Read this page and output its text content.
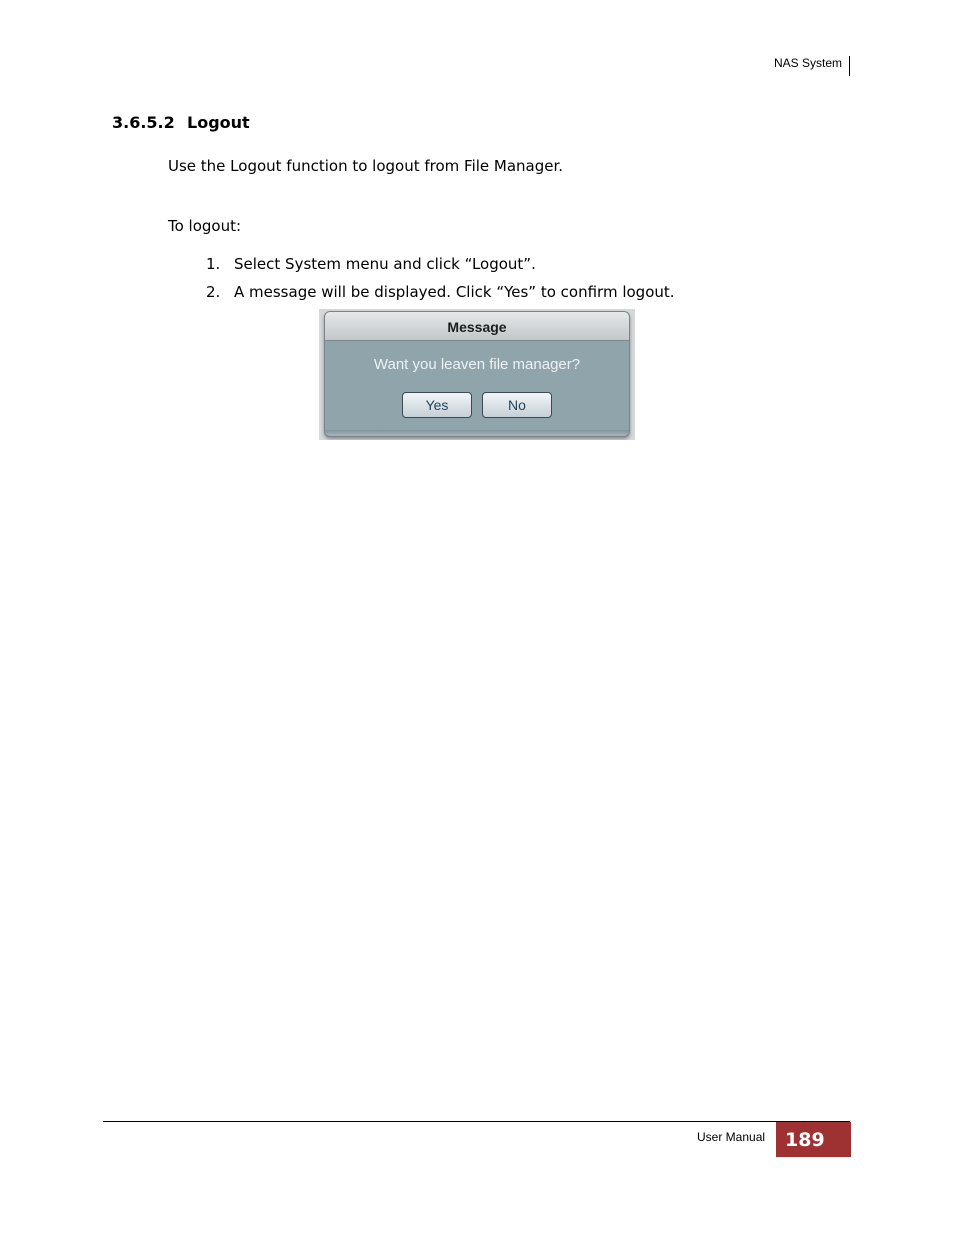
NAS System
3.6.5.2 Logout
Use the Logout function to logout from File Manager.
To logout:
1. Select System menu and click “Logout”.
2. A message will be displayed. Click “Yes” to confirm logout.
Message
Want you leaven file manager?
Yes	No
User Manual	189
